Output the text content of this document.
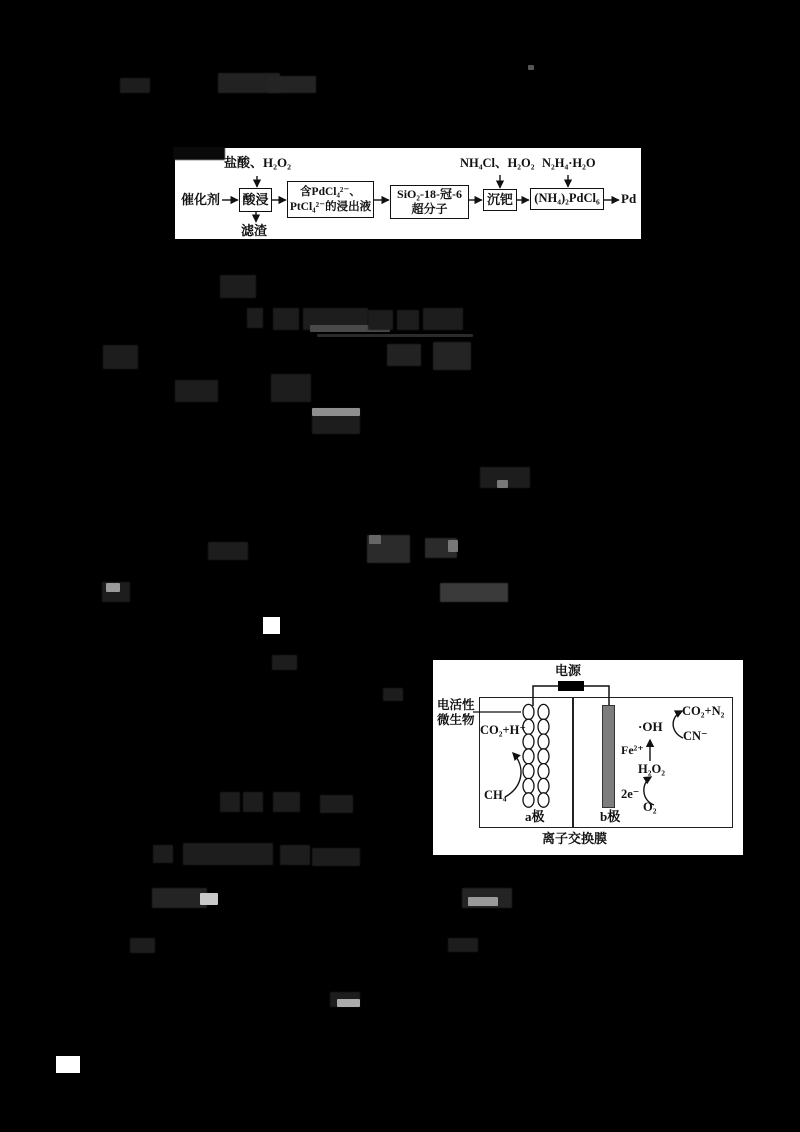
盐酸、H₂O₂
催化剂 酸浸
滤渣
含PdCl₄²⁻、
PtCl₄²⁻的浸出液
SiO₂-18-冠-6
超分子
NH₄Cl、H₂O₂
沉钯
N₂H₄·H₂O
(NH₄)₂PdCl₆ Pd
电源
电活性
微生物
CO₂+H⁺
CH₄
a极	b极
·OH
Fe²⁺
H₂O₂
2e⁻
O₂
CO₂+N₂
CN⁻
离子交换膜
